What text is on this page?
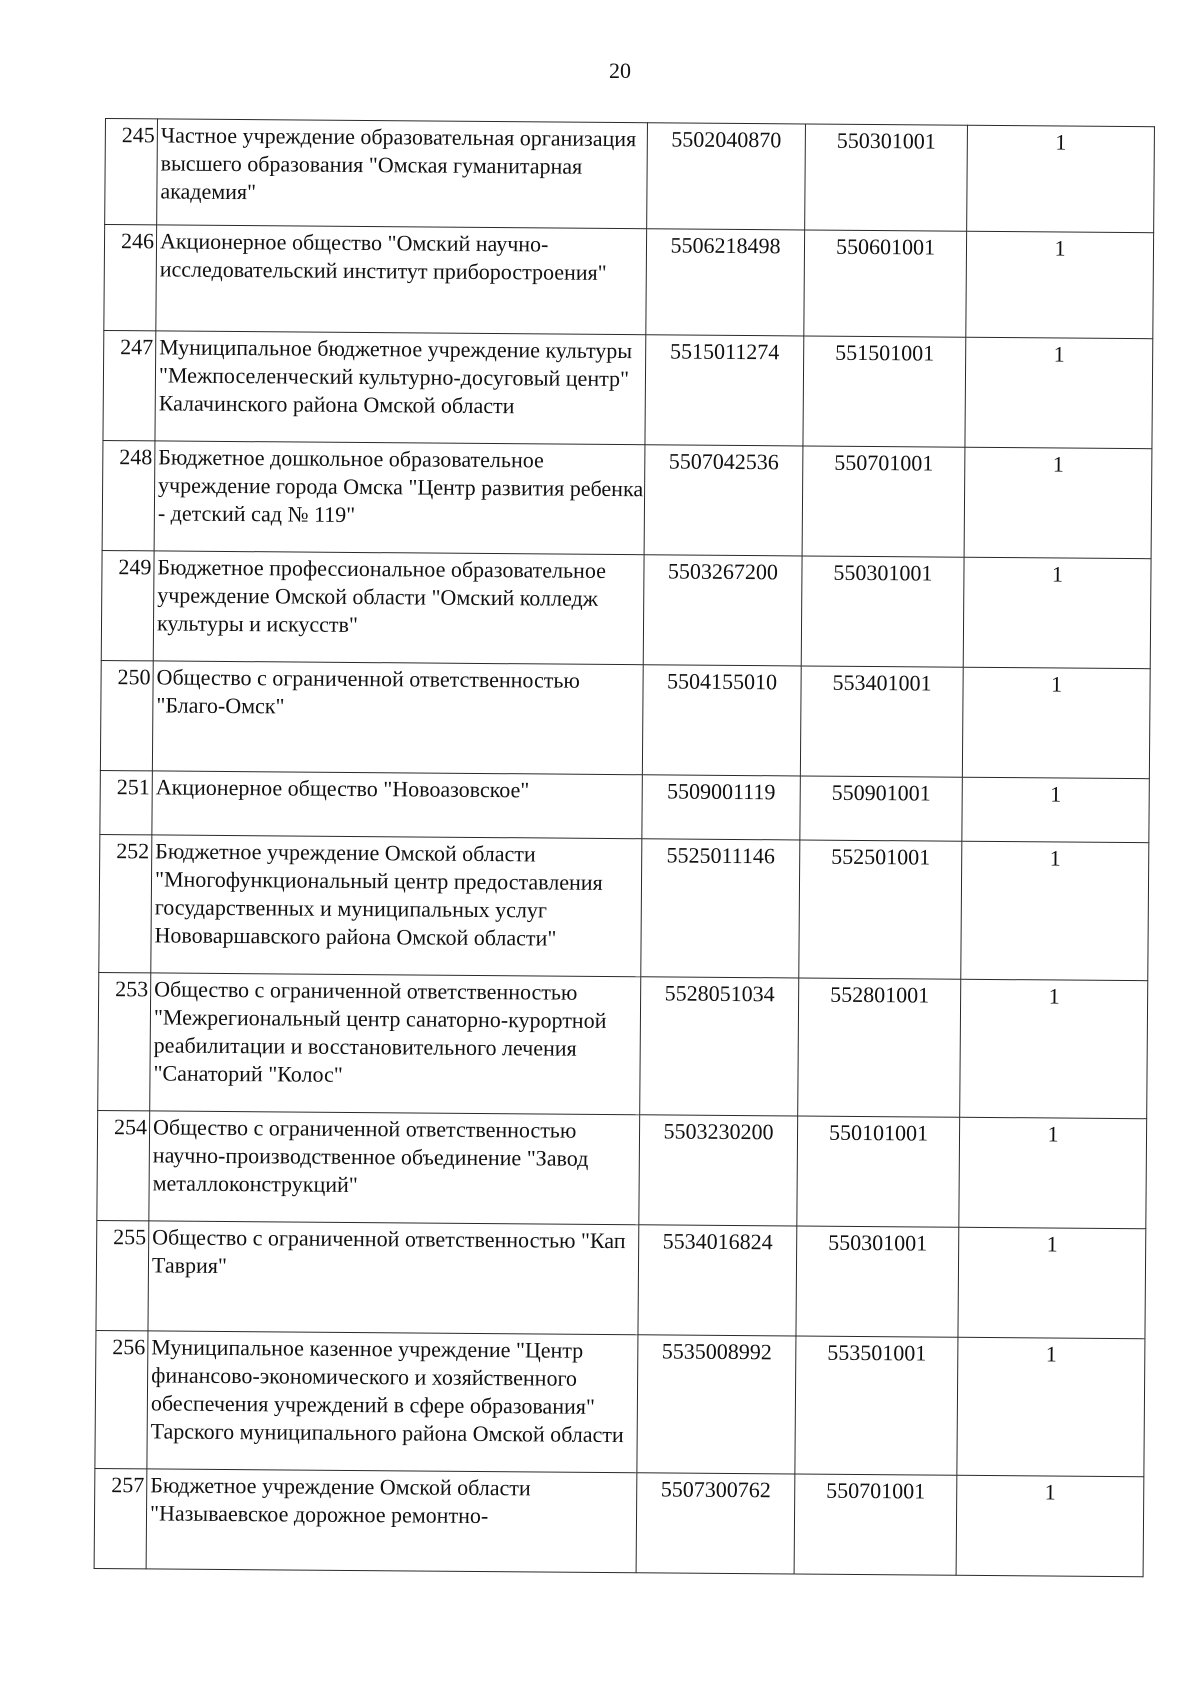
20
245	Частное учреждение образовательная организация высшего образования "Омская гуманитарная академия"	5502040870	550301001	1
246	Акционерное общество "Омский научно-исследовательский институт приборостроения"	5506218498	550601001	1
247	Муниципальное бюджетное учреждение культуры "Межпоселенческий культурно-досуговый центр" Калачинского района Омской области	5515011274	551501001	1
248	Бюджетное дошкольное образовательное учреждение города Омска "Центр развития ребенка - детский сад № 119"	5507042536	550701001	1
249	Бюджетное профессиональное образовательное учреждение Омской области "Омский колледж культуры и искусств"	5503267200	550301001	1
250	Общество с ограниченной ответственностью "Благо-Омск"	5504155010	553401001	1
251	Акционерное общество "Новоазовское"	5509001119	550901001	1
252	Бюджетное учреждение Омской области "Многофункциональный центр предоставления государственных и муниципальных услуг Нововаршавского района Омской области"	5525011146	552501001	1
253	Общество с ограниченной ответственностью "Межрегиональный центр санаторно-курортной реабилитации и восстановительного лечения "Санаторий "Колос"	5528051034	552801001	1
254	Общество с ограниченной ответственностью научно-производственное объединение "Завод металлоконструкций"	5503230200	550101001	1
255	Общество с ограниченной ответственностью "Кап Таврия"	5534016824	550301001	1
256	Муниципальное казенное учреждение "Центр финансово-экономического и хозяйственного обеспечения учреждений в сфере образования" Тарского муниципального района Омской области	5535008992	553501001	1
257	Бюджетное учреждение Омской области "Называевское дорожное ремонтно-	5507300762	550701001	1
